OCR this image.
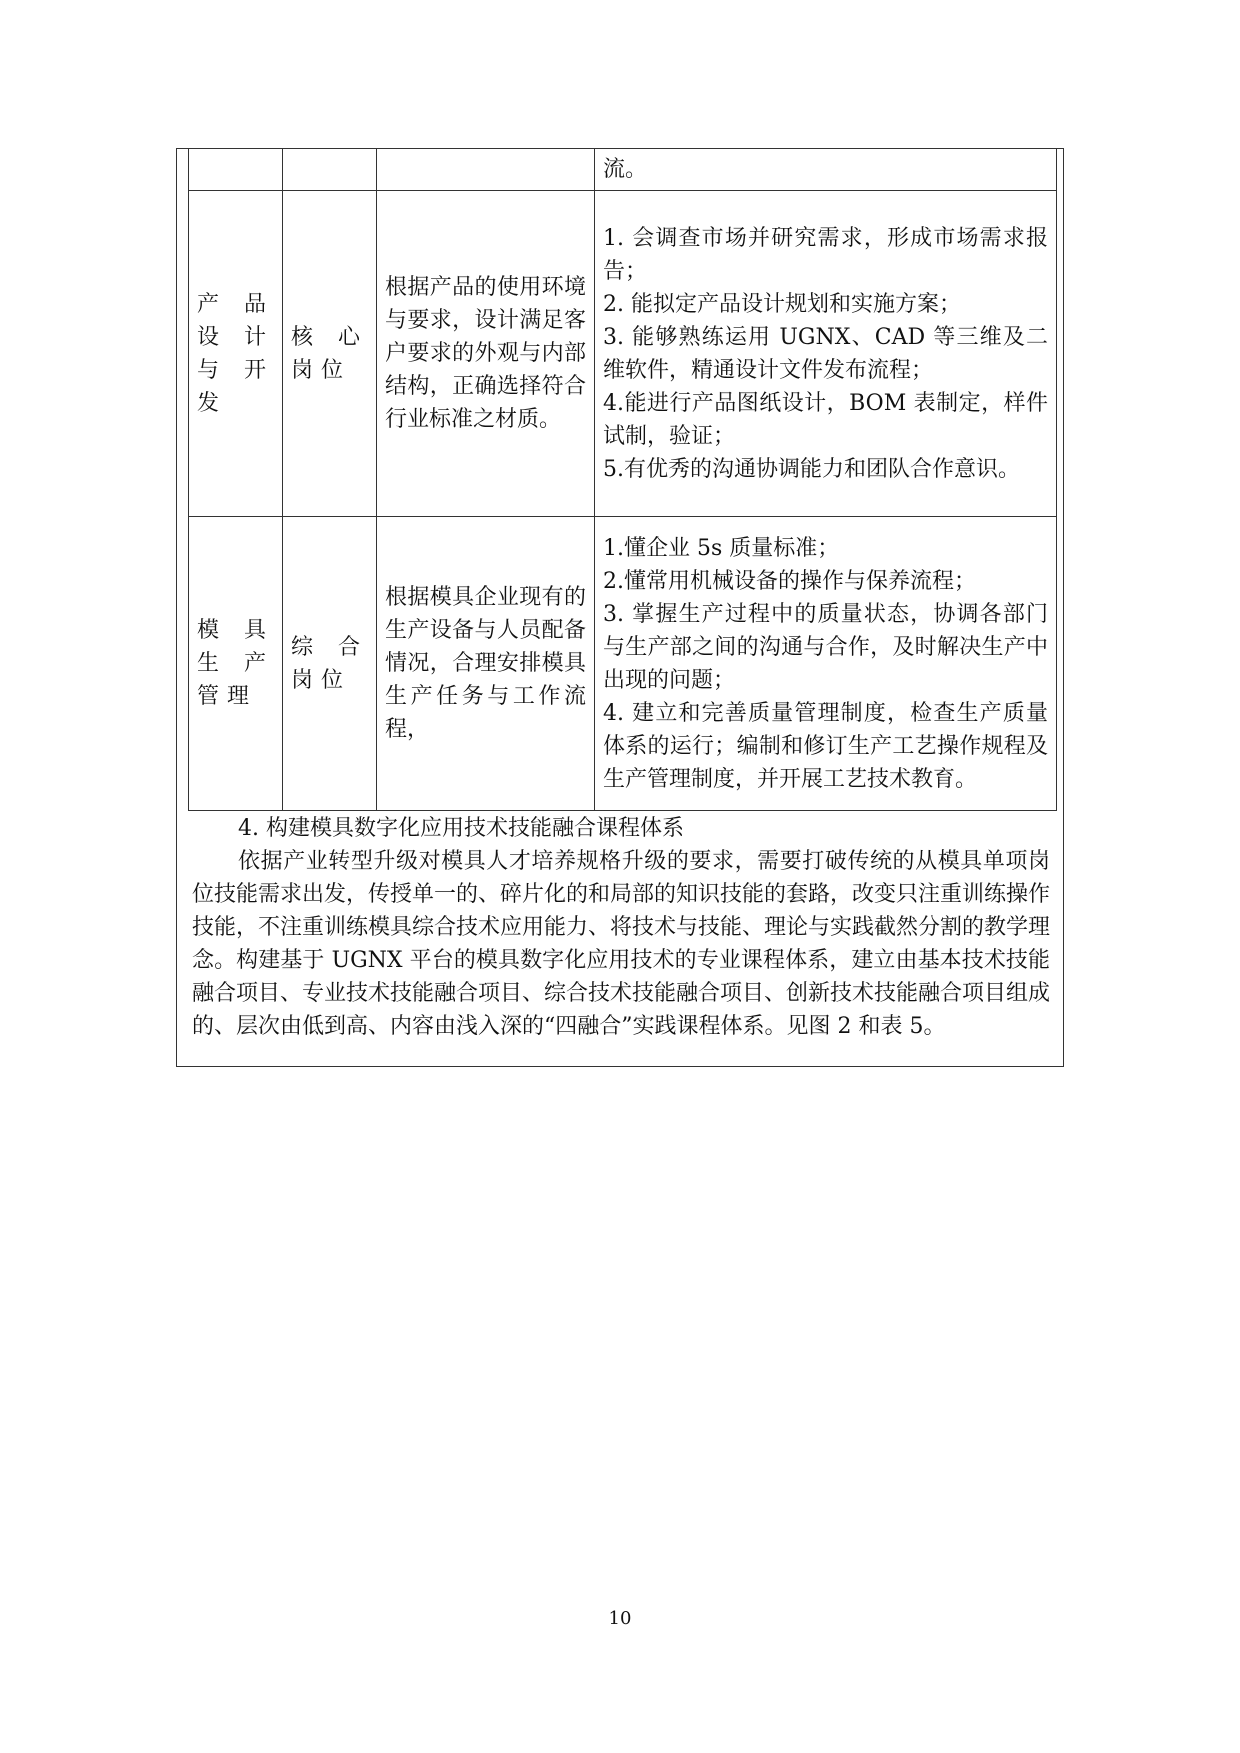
			流。

产品设计与开发	核心岗位	根据产品的使用环境与要求，设计满足客户要求的外观与内部结构，正确选择符合行业标准之材质。	1. 会调查市场并研究需求，形成市场需求报告；
2. 能拟定产品设计规划和实施方案；
3. 能够熟练运用 UGNX、CAD 等三维及二维软件，精通设计文件发布流程；
4.能进行产品图纸设计，BOM 表制定，样件试制，验证；
5.有优秀的沟通协调能力和团队合作意识。

模具生产管理	综合岗位	根据模具企业现有的生产设备与人员配备情况，合理安排模具生产任务与工作流程，	1.懂企业 5s 质量标准；
2.懂常用机械设备的操作与保养流程；
3. 掌握生产过程中的质量状态，协调各部门与生产部之间的沟通与合作，及时解决生产中出现的问题；
4. 建立和完善质量管理制度，检查生产质量体系的运行；编制和修订生产工艺操作规程及生产管理制度，并开展工艺技术教育。
4. 构建模具数字化应用技术技能融合课程体系
依据产业转型升级对模具人才培养规格升级的要求，需要打破传统的从模具单项岗位技能需求出发，传授单一的、碎片化的和局部的知识技能的套路，改变只注重训练操作技能，不注重训练模具综合技术应用能力、将技术与技能、理论与实践截然分割的教学理念。构建基于 UGNX 平台的模具数字化应用技术的专业课程体系，建立由基本技术技能融合项目、专业技术技能融合项目、综合技术技能融合项目、创新技术技能融合项目组成的、层次由低到高、内容由浅入深的“四融合”实践课程体系。见图 2 和表 5。
10
